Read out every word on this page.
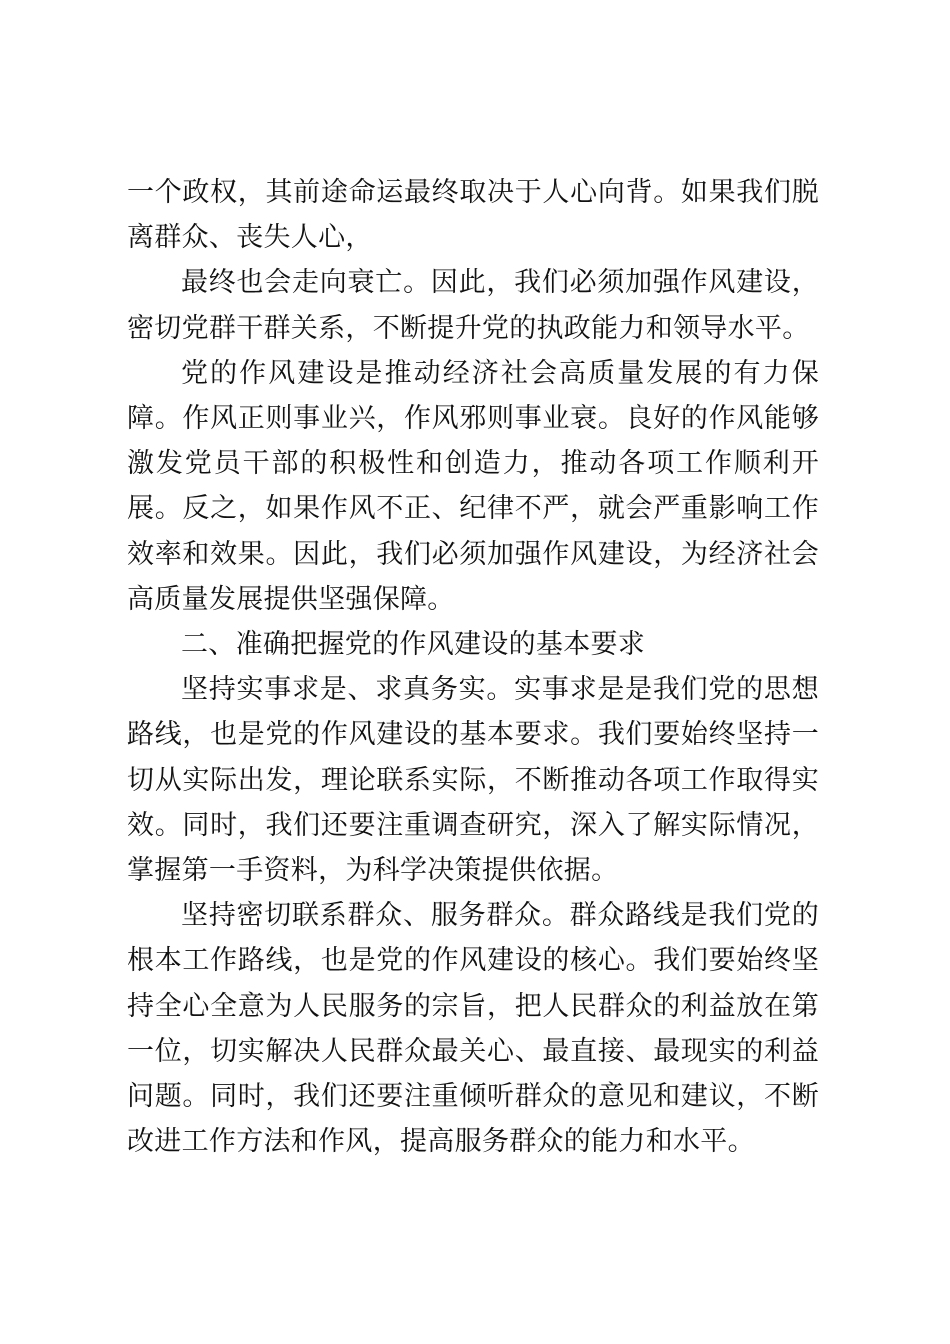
一个政权，其前途命运最终取决于人心向背。如果我们脱离群众、丧失人心，

最终也会走向衰亡。因此，我们必须加强作风建设，密切党群干群关系，不断提升党的执政能力和领导水平。

党的作风建设是推动经济社会高质量发展的有力保障。作风正则事业兴，作风邪则事业衰。良好的作风能够激发党员干部的积极性和创造力，推动各项工作顺利开展。反之，如果作风不正、纪律不严，就会严重影响工作效率和效果。因此，我们必须加强作风建设，为经济社会高质量发展提供坚强保障。

二、准确把握党的作风建设的基本要求

坚持实事求是、求真务实。实事求是是我们党的思想路线，也是党的作风建设的基本要求。我们要始终坚持一切从实际出发，理论联系实际，不断推动各项工作取得实效。同时，我们还要注重调查研究，深入了解实际情况，掌握第一手资料，为科学决策提供依据。

坚持密切联系群众、服务群众。群众路线是我们党的根本工作路线，也是党的作风建设的核心。我们要始终坚持全心全意为人民服务的宗旨，把人民群众的利益放在第一位，切实解决人民群众最关心、最直接、最现实的利益问题。同时，我们还要注重倾听群众的意见和建议，不断改进工作方法和作风，提高服务群众的能力和水平。
